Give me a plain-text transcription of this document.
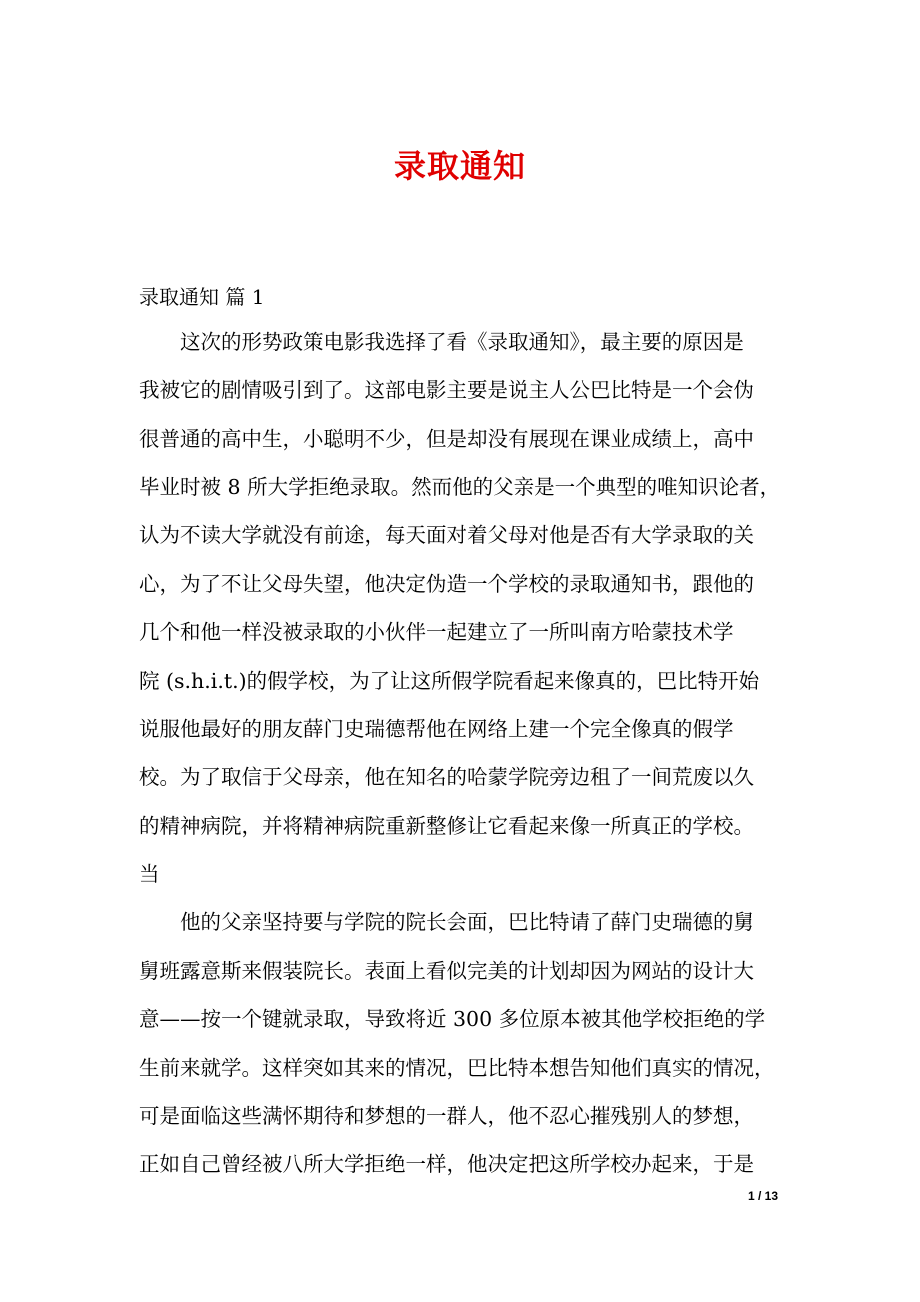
录取通知
录取通知 篇 1
这次的形势政策电影我选择了看《录取通知》，最主要的原因是
我被它的剧情吸引到了。这部电影主要是说主人公巴比特是一个会伪
很普通的高中生，小聪明不少，但是却没有展现在课业成绩上，高中
毕业时被 8 所大学拒绝录取。然而他的父亲是一个典型的唯知识论者，
认为不读大学就没有前途，每天面对着父母对他是否有大学录取的关
心，为了不让父母失望，他决定伪造一个学校的录取通知书，跟他的
几个和他一样没被录取的小伙伴一起建立了一所叫南方哈蒙技术学
院 (s.h.i.t.)的假学校，为了让这所假学院看起来像真的，巴比特开始
说服他最好的朋友薛门史瑞德帮他在网络上建一个完全像真的假学
校。为了取信于父母亲，他在知名的哈蒙学院旁边租了一间荒废以久
的精神病院，并将精神病院重新整修让它看起来像一所真正的学校。
当
他的父亲坚持要与学院的院长会面，巴比特请了薛门史瑞德的舅
舅班露意斯来假装院长。表面上看似完美的计划却因为网站的设计大
意——按一个键就录取，导致将近 300 多位原本被其他学校拒绝的学
生前来就学。这样突如其来的情况，巴比特本想告知他们真实的情况，
可是面临这些满怀期待和梦想的一群人，他不忍心摧残别人的梦想，
正如自己曾经被八所大学拒绝一样，他决定把这所学校办起来，于是
1 / 13
